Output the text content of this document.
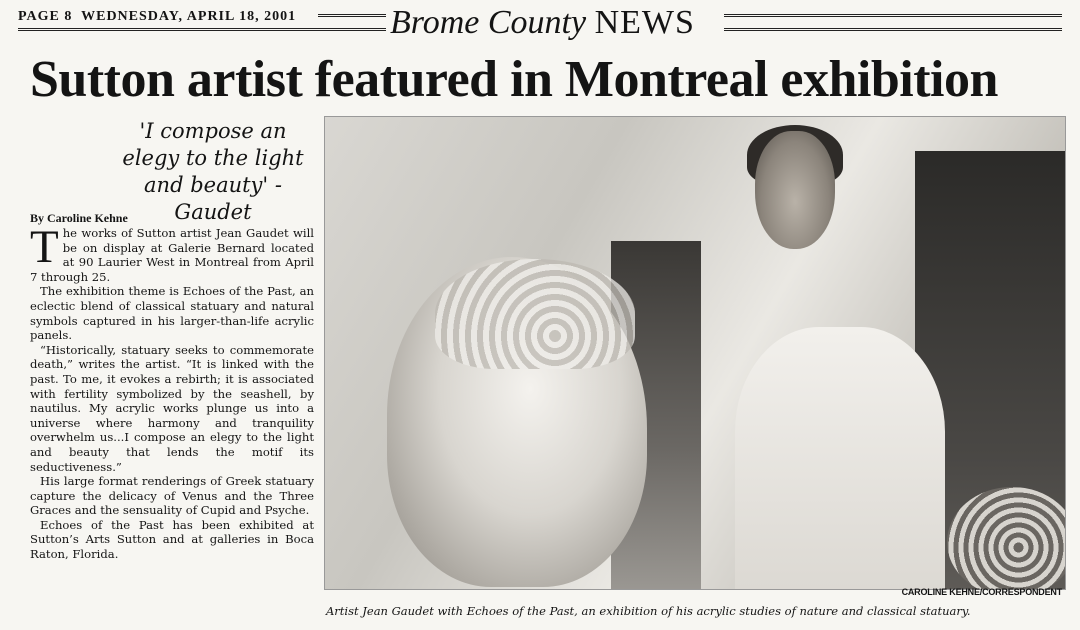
PAGE 8 WEDNESDAY, APRIL 18, 2001	Brome County NEWS
Sutton artist featured in Montreal exhibition
'I compose an elegy to the light and beauty' - Gaudet
By Caroline Kehne

The works of Sutton artist Jean Gaudet will be on display at Galerie Bernard located at 90 Laurier West in Montreal from April 7 through 25.

The exhibition theme is Echoes of the Past, an eclectic blend of classical statuary and natural symbols captured in his larger-than-life acrylic panels.

“Historically, statuary seeks to commemorate death,” writes the artist. “It is linked with the past. To me, it evokes a rebirth; it is associated with fertility symbolized by the seashell, by nautilus. My acrylic works plunge us into a universe where harmony and tranquility overwhelm us...I compose an elegy to the light and beauty that lends the motif its seductiveness.”

His large format renderings of Greek statuary capture the delicacy of Venus and the Three Graces and the sensuality of Cupid and Psyche.

Echoes of the Past has been exhibited at Sutton’s Arts Sutton and at galleries in Boca Raton, Florida.

CAROLINE KEHNE/CORRESPONDENT
Artist Jean Gaudet with Echoes of the Past, an exhibition of his acrylic studies of nature and classical statuary.
